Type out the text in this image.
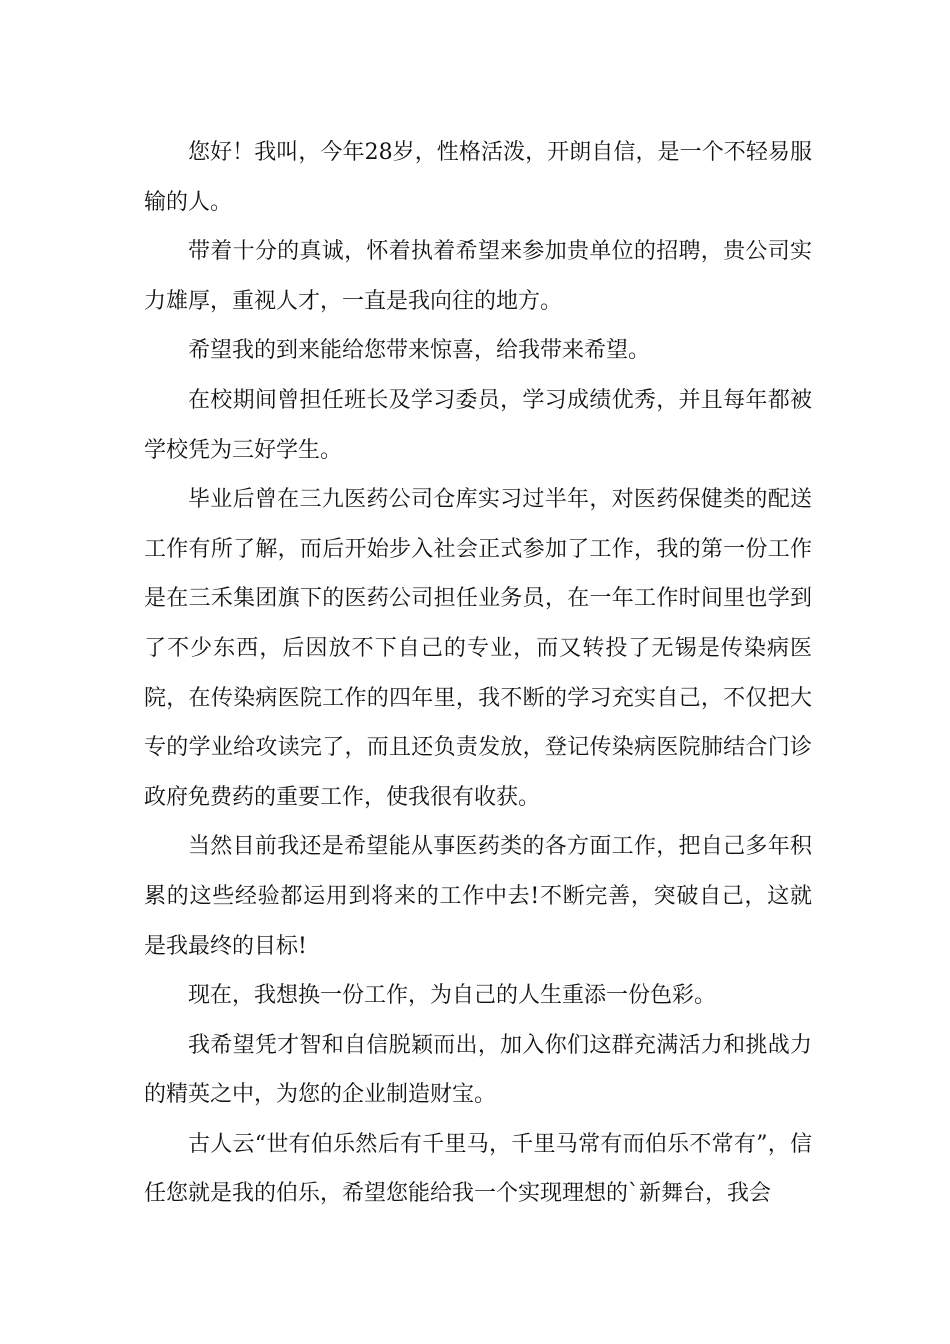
您好！我叫，今年28岁，性格活泼，开朗自信，是一个不轻易服输的人。

带着十分的真诚，怀着执着希望来参加贵单位的招聘，贵公司实力雄厚，重视人才，一直是我向往的地方。

希望我的到来能给您带来惊喜，给我带来希望。

在校期间曾担任班长及学习委员，学习成绩优秀，并且每年都被学校凭为三好学生。

毕业后曾在三九医药公司仓库实习过半年，对医药保健类的配送工作有所了解，而后开始步入社会正式参加了工作，我的第一份工作是在三禾集团旗下的医药公司担任业务员，在一年工作时间里也学到了不少东西，后因放不下自己的专业，而又转投了无锡是传染病医院，在传染病医院工作的四年里，我不断的学习充实自己，不仅把大专的学业给攻读完了，而且还负责发放，登记传染病医院肺结合门诊政府免费药的重要工作，使我很有收获。

当然目前我还是希望能从事医药类的各方面工作，把自己多年积累的这些经验都运用到将来的工作中去!不断完善，突破自己，这就是我最终的目标!

现在，我想换一份工作，为自己的人生重添一份色彩。

我希望凭才智和自信脱颖而出，加入你们这群充满活力和挑战力的精英之中，为您的企业制造财宝。

古人云“世有伯乐然后有千里马，千里马常有而伯乐不常有”，信任您就是我的伯乐，希望您能给我一个实现理想的`新舞台，我会
